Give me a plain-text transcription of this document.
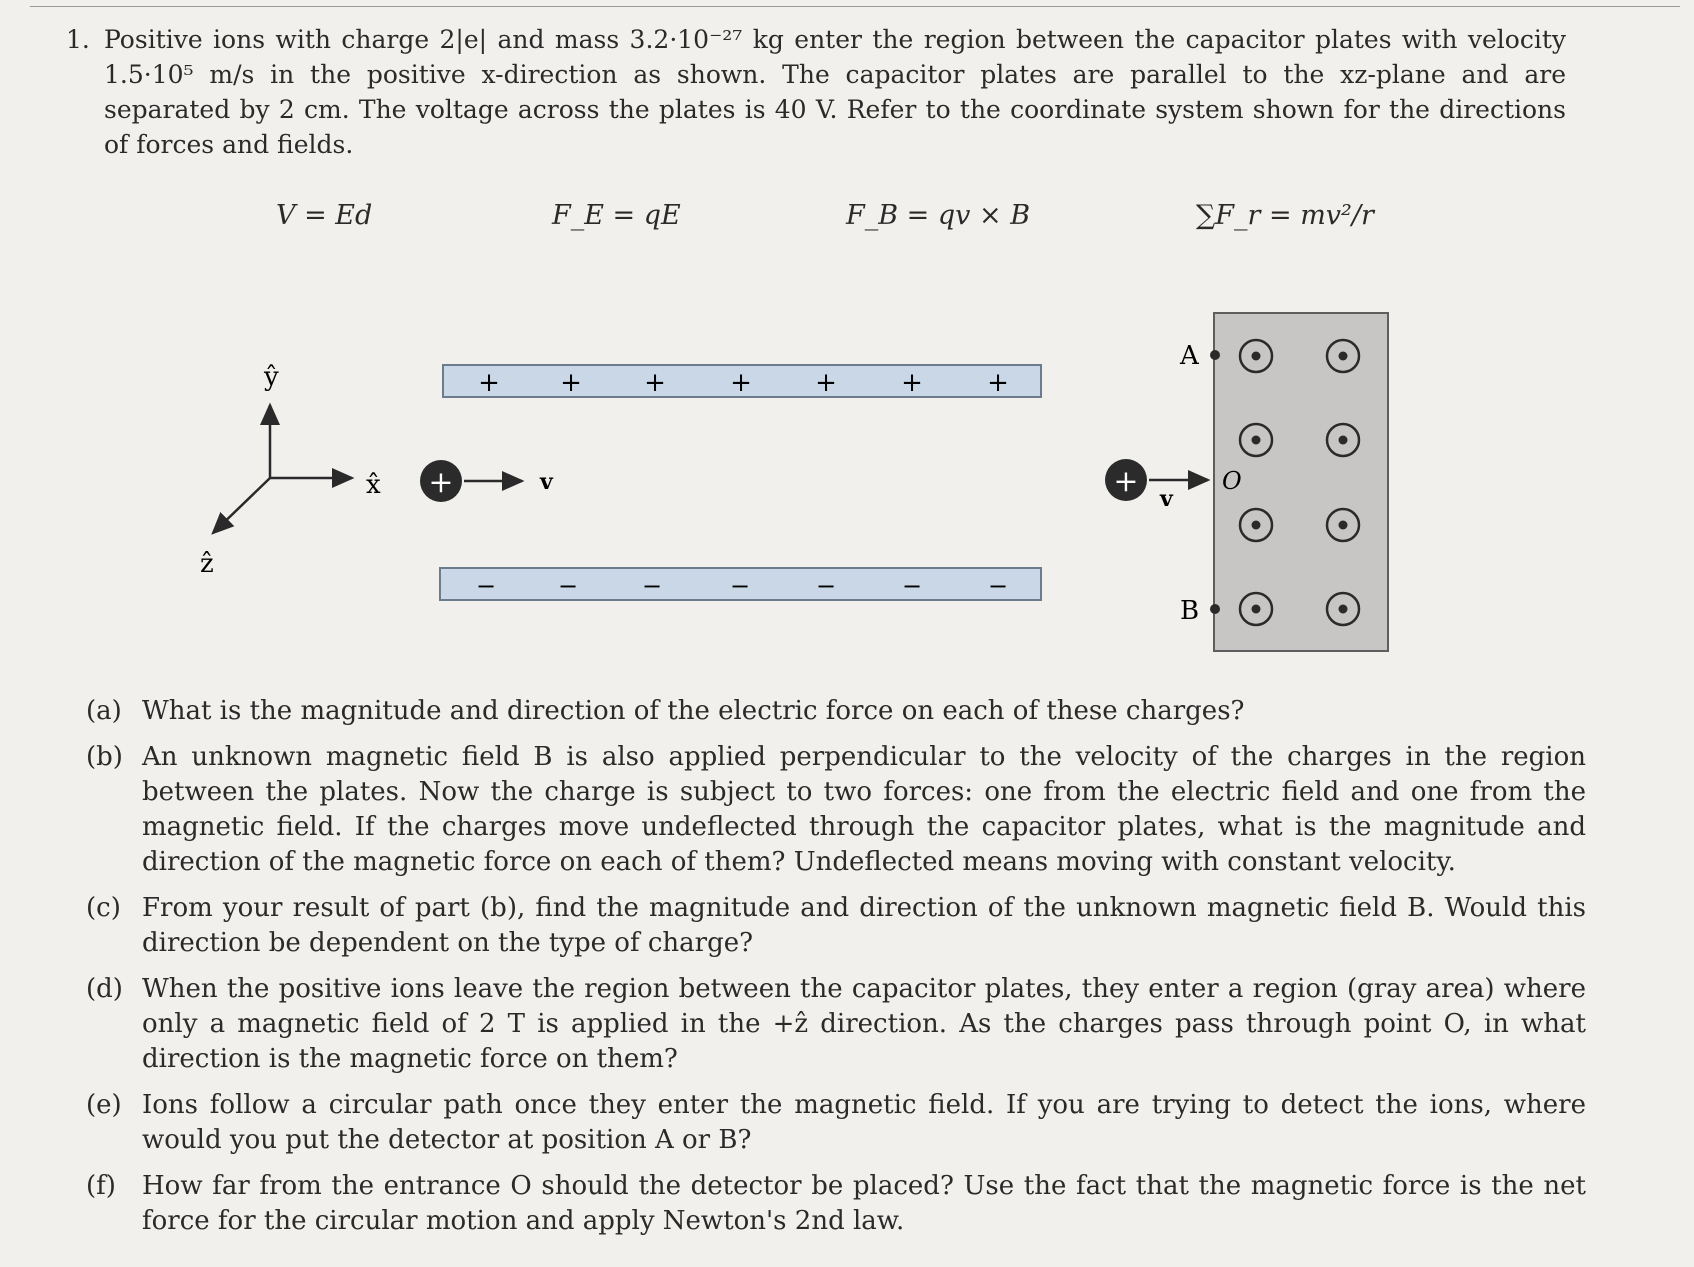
1. Positive ions with charge 2|e| and mass 3.2·10⁻²⁷ kg enter the region between the capacitor plates with velocity 1.5·10⁵ m/s in the positive x-direction as shown. The capacitor plates are parallel to the xz-plane and are separated by 2 cm. The voltage across the plates is 40 V. Refer to the coordinate system shown for the directions of forces and fields.
V = Ed	F_E = qE	F_B = qv × B	∑F_r = mv²/r
ŷ
x̂
ẑ
+ + + + + + +
−	−	−	−	−	−	−
+	v
A
B
O
+ v
(a) What is the magnitude and direction of the electric force on each of these charges?
(b) An unknown magnetic field B is also applied perpendicular to the velocity of the charges in the region between the plates. Now the charge is subject to two forces: one from the electric field and one from the magnetic field. If the charges move undeflected through the capacitor plates, what is the magnitude and direction of the magnetic force on each of them? Undeflected means moving with constant velocity.
(c) From your result of part (b), find the magnitude and direction of the unknown magnetic field B. Would this direction be dependent on the type of charge?
(d) When the positive ions leave the region between the capacitor plates, they enter a region (gray area) where only a magnetic field of 2 T is applied in the +ẑ direction. As the charges pass through point O, in what direction is the magnetic force on them?
(e) Ions follow a circular path once they enter the magnetic field. If you are trying to detect the ions, where would you put the detector at position A or B?
(f) How far from the entrance O should the detector be placed? Use the fact that the magnetic force is the net force for the circular motion and apply Newton's 2nd law.
